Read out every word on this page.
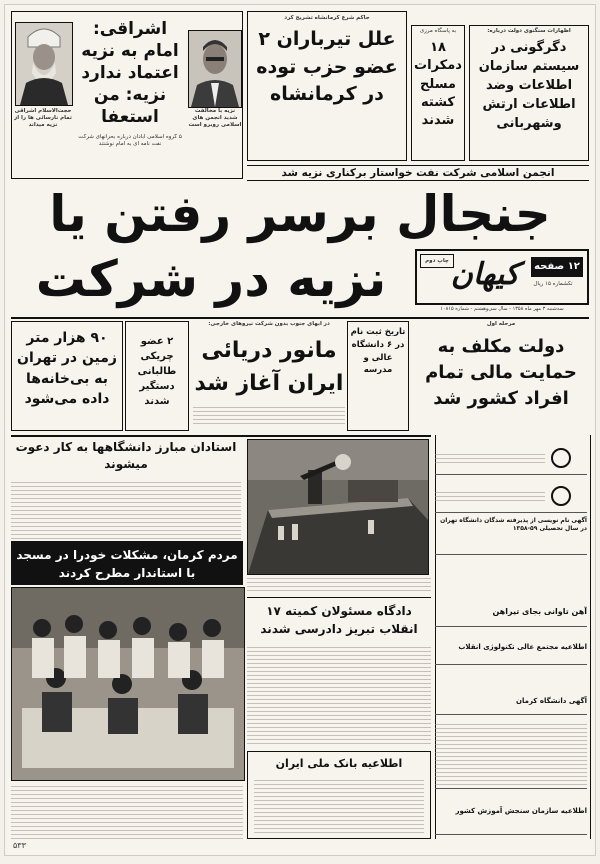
اشراقی: امام به نزیه اعتماد ندارد نزیه: من استعفا
حجت‌الاسلام اشراقی تمام نارسائی ها را از نزیه میداند
نزیه با مخالفت شدید انجمن های اسلامی روبرو است
۵ گروه اسلامی آبادان درباره بحرانهای شرکت نفت نامه ای به امام نوشتند
حاکم شرع کرمانشاه تشریح کرد
علل تیرباران ۲ عضو حزب توده در کرمانشاه
به پاسگاه مرزی
۱۸ دمکرات مسلح کشته شدند
اظهارات سنگنوی دولت درباره:
دگرگونی در سیستم سازمان اطلاعات وضد اطلاعات ارتش وشهربانی
انجمن اسلامی شرکت نفت خواستار برکناری نزیه شد
جنجال برسر رفتن یا
نزیه در شرکت	۱۲ صفحه
چاپ دوم کیهان	تکشماره ۱۵ ریال
سه‌شنبه ۳ مهر ماه ۱۳۵۸ - سال سی‌وهشتم - شماره ۱۰۸۱۵
۹۰ هزار متر زمین در تهران به بی‌خانه‌ها داده می‌شود
۲ عضو چریکی طالبانی دستگیر شدند
در آبهای جنوب بدون شرکت نیروهای خارجی:
مانور دریائی ایران آغاز شد
تاریخ ثبت نام در ۶ دانشگاه عالی و مدرسه
مرحله اول
دولت مکلف به حمایت مالی تمام افراد کشور شد
استادان مبارز دانشگاهها به کار دعوت میشوند
آگهی نام نویسی از پذیرفته شدگان دانشگاه تهران در سال تحصیلی ۵۹-۱۳۵۸
آهن تاوانی بجای تیراهن
اطلاعیه مجتمع عالی تکنولوژی انقلاب
آگهی دانشگاه کرمان
اطلاعیه سازمان سنجش آموزش کشور
مردم کرمان، مشکلات خودرا در مسجد با استاندار مطرح کردند
دادگاه مسئولان کمیته ۱۷ انقلاب تبریز دادرسی شدند
اطلاعیه بانک ملی ایران
۵۳۳
